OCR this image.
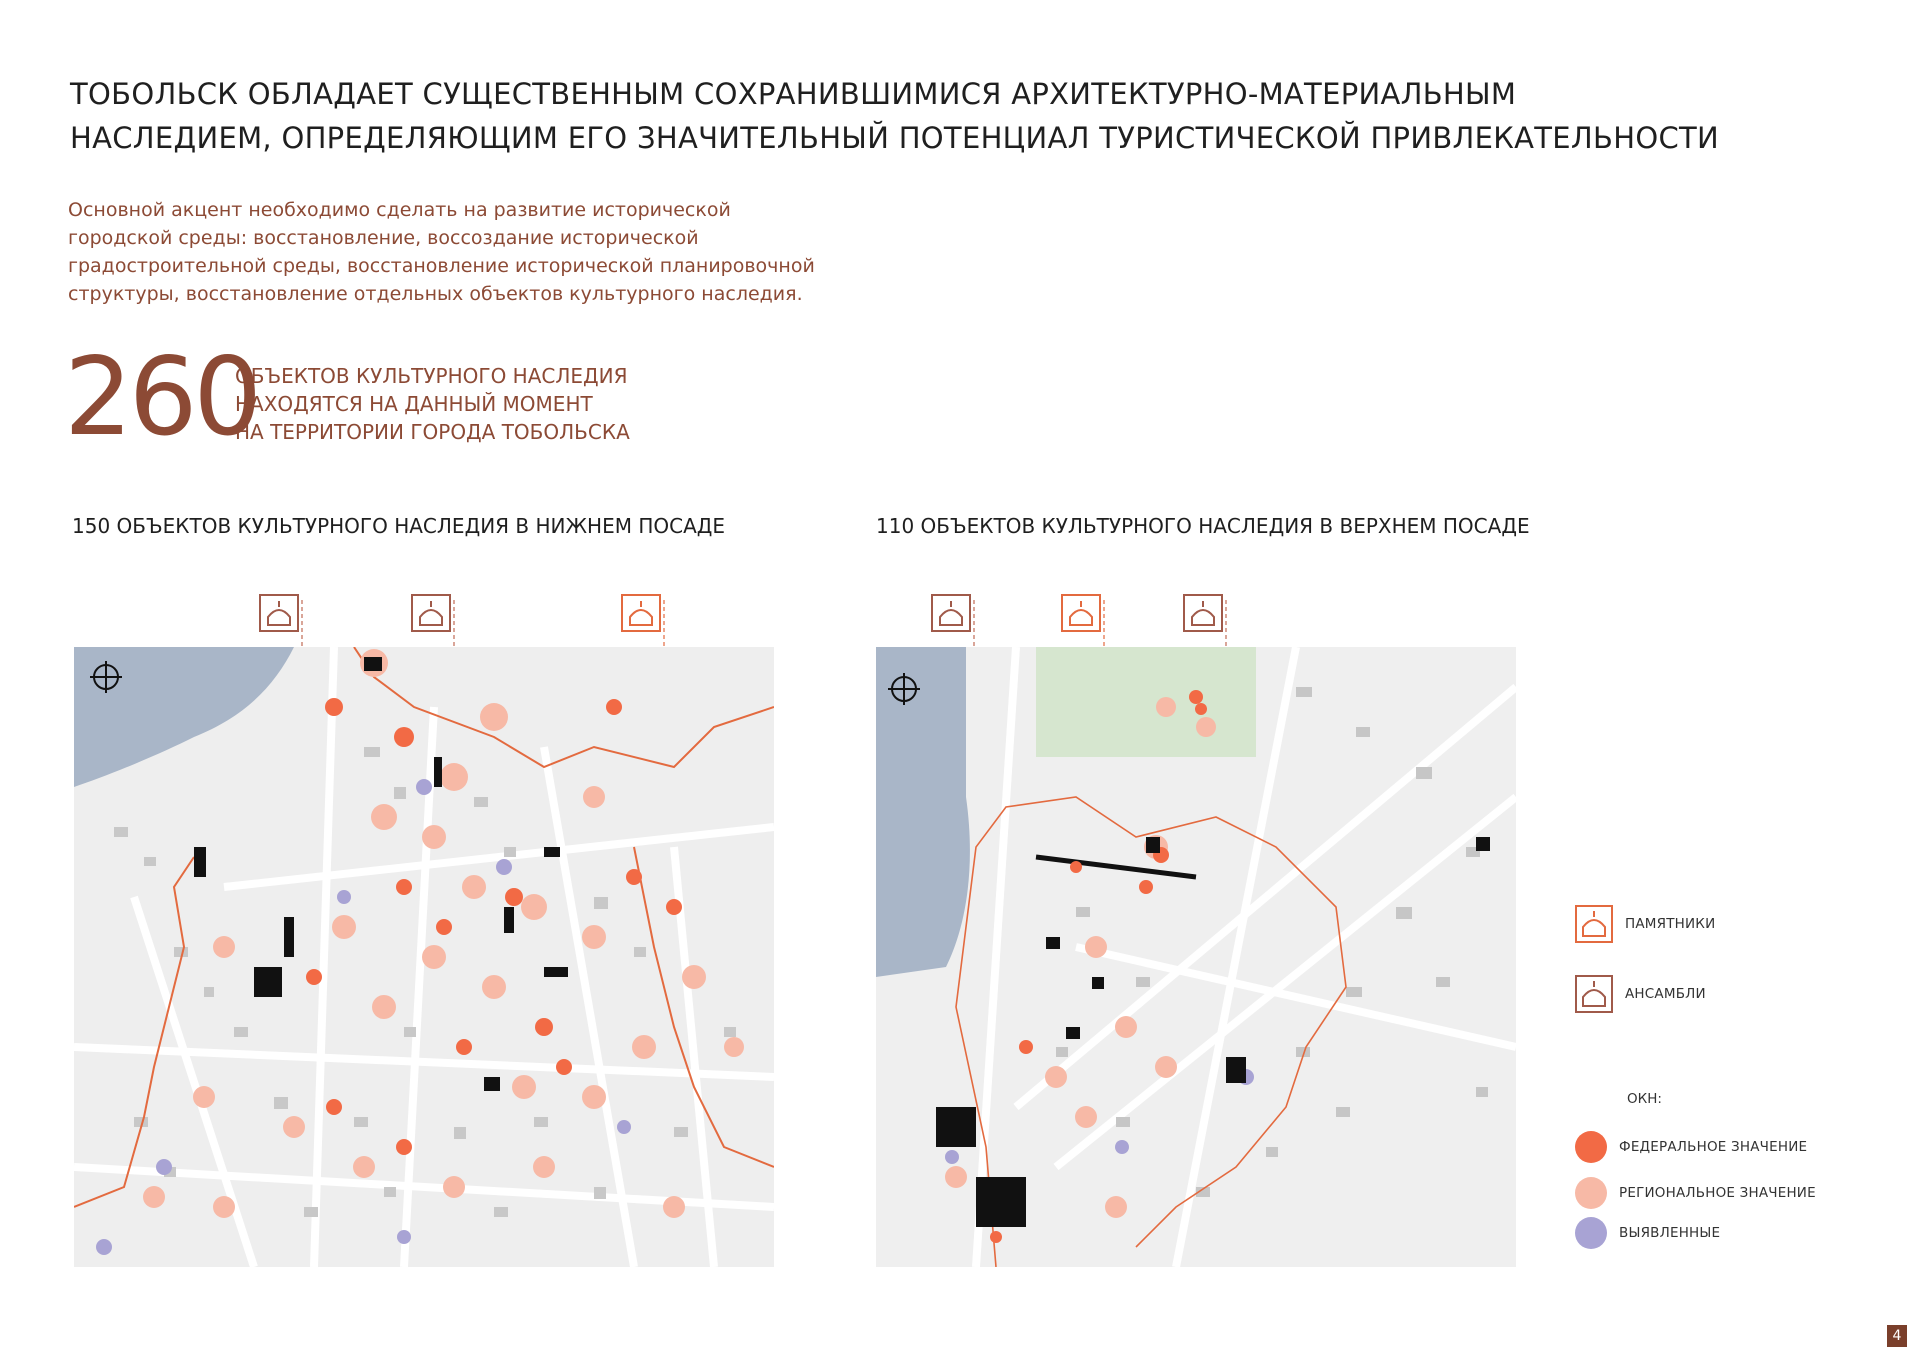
ТОБОЛЬСК ОБЛАДАЕТ СУЩЕСТВЕННЫМ СОХРАНИВШИМИСЯ АРХИТЕКТУРНО-МАТЕРИАЛЬНЫМ
НАСЛЕДИЕМ, ОПРЕДЕЛЯЮЩИМ ЕГО ЗНАЧИТЕЛЬНЫЙ ПОТЕНЦИАЛ ТУРИСТИЧЕСКОЙ ПРИВЛЕКАТЕЛЬНОСТИ
Основной акцент необходимо сделать на развитие исторической
городской среды: восстановление, воссоздание исторической
градостроительной среды, восстановление исторической планировочной
структуры, восстановление отдельных объектов культурного наследия.
260
ОБЪЕКТОВ КУЛЬТУРНОГО НАСЛЕДИЯ
НАХОДЯТСЯ НА ДАННЫЙ МОМЕНТ
НА ТЕРРИТОРИИ ГОРОДА ТОБОЛЬСКА
150 ОБЪЕКТОВ КУЛЬТУРНОГО НАСЛЕДИЯ В НИЖНЕМ ПОСАДЕ	110 ОБЪЕКТОВ КУЛЬТУРНОГО НАСЛЕДИЯ В ВЕРХНЕМ ПОСАДЕ
ПАМЯТНИКИ
АНСАМБЛИ
ОКН:
ФЕДЕРАЛЬНОЕ ЗНАЧЕНИЕ
РЕГИОНАЛЬНОЕ ЗНАЧЕНИЕ
ВЫЯВЛЕННЫЕ
4
